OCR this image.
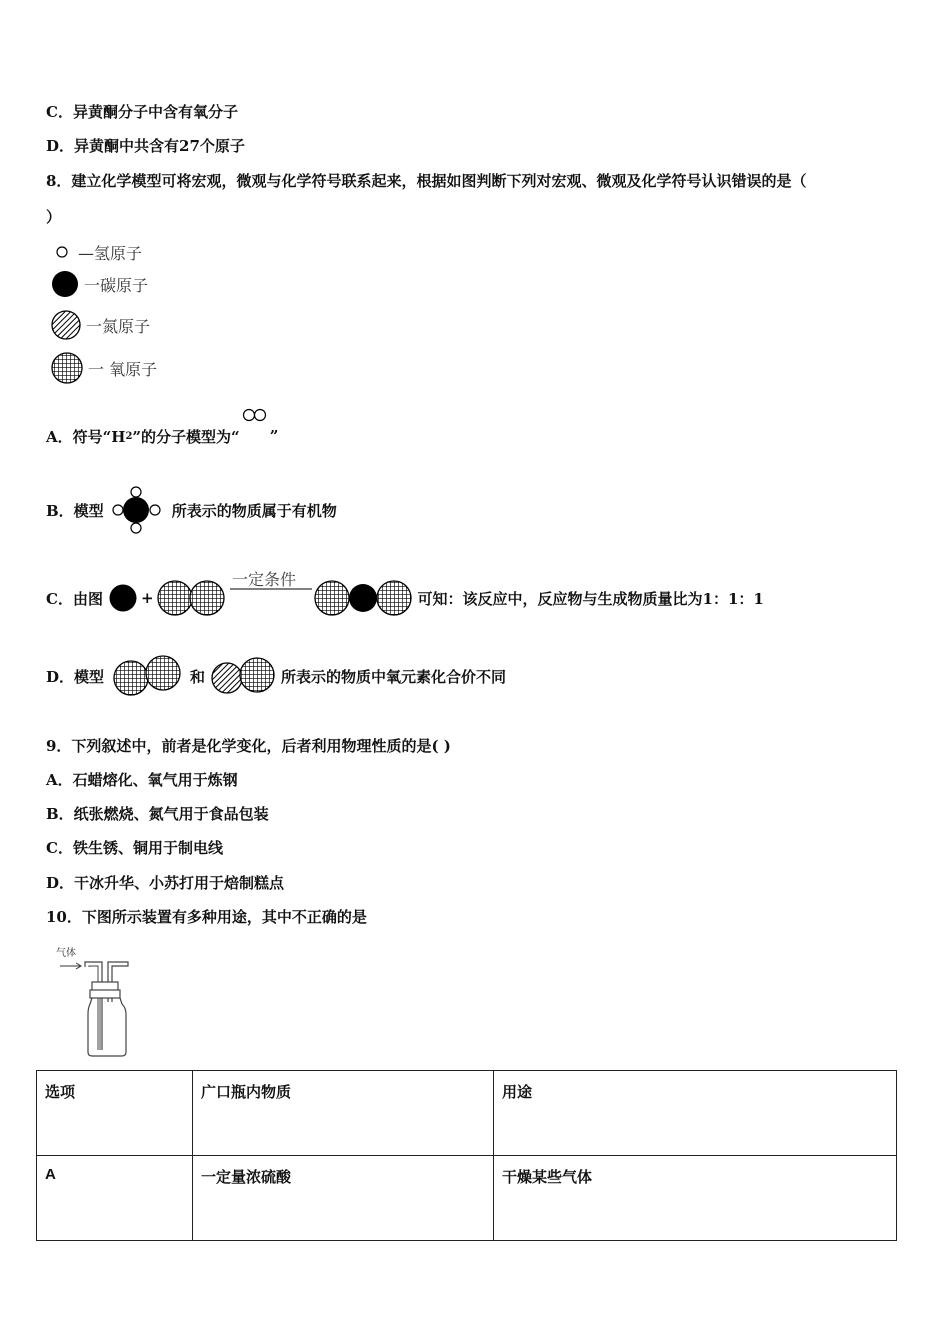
C．异黄酮分子中含有氧分子
D．异黄酮中共含有27个原子
8．建立化学模型可将宏观，微观与化学符号联系起来，根据如图判断下列对宏观、微观及化学符号认识错误的是（
）
—氢原子
一碳原子
一氮原子
一 氧原子
A．符号“H 2 ”的分子模型为“ ”
B．模型	所表示的物质属于有机物
一定条件
C．由图	+	可知：该反应中，反应物与生成物质量比为1：1：1
D．模型	和	所表示的物质中氧元素化合价不同
9．下列叙述中，前者是化学变化，后者利用物理性质的是( )
A．石蜡熔化、氧气用于炼钢
B．纸张燃烧、氮气用于食品包装
C．铁生锈、铜用于制电线
D．干冰升华、小苏打用于焙制糕点
10．下图所示装置有多种用途，其中不正确的是
气体
选项	广口瓶内物质	用途
A	一定量浓硫酸	干燥某些气体
